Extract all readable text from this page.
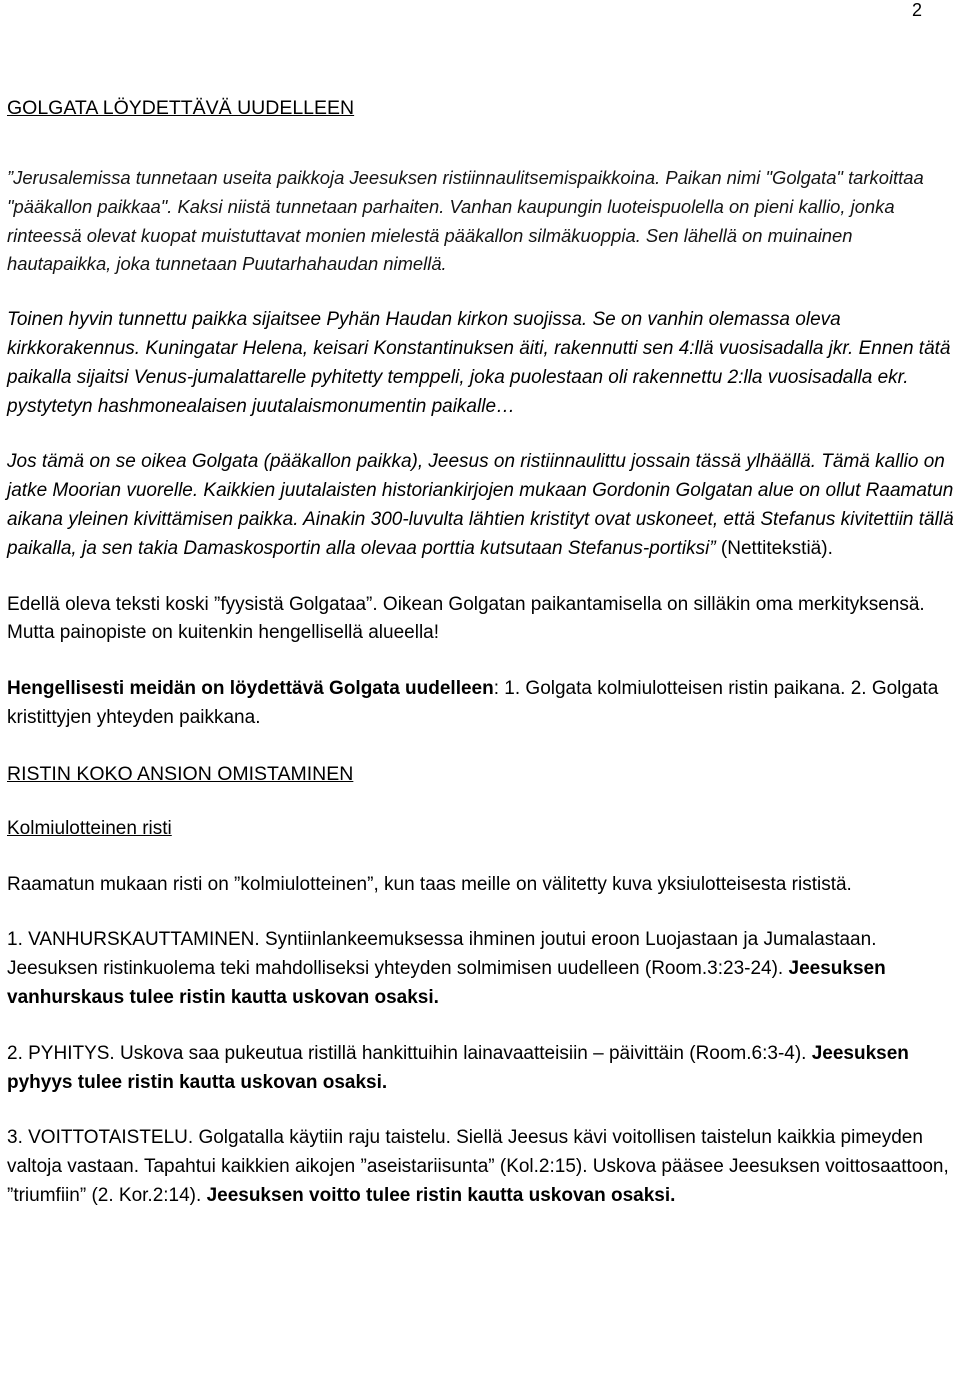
2

GOLGATA LÖYDETTÄVÄ UUDELLEEN

”Jerusalemissa tunnetaan useita paikkoja Jeesuksen ristiinnaulitsemispaikkoina. Paikan nimi "Golgata" tarkoittaa "pääkallon paikkaa". Kaksi niistä tunnetaan parhaiten. Vanhan kaupungin luoteispuolella on pieni kallio, jonka rinteessä olevat kuopat muistuttavat monien mielestä pääkallon silmäkuoppia. Sen lähellä on muinainen hautapaikka, joka tunnetaan Puutarhahaudan nimellä.

Toinen hyvin tunnettu paikka sijaitsee Pyhän Haudan kirkon suojissa. Se on vanhin olemassa oleva kirkkorakennus. Kuningatar Helena, keisari Konstantinuksen äiti, rakennutti sen 4:llä vuosisadalla jkr. Ennen tätä paikalla sijaitsi Venus-jumalattarelle pyhitetty temppeli, joka puolestaan oli rakennettu 2:lla vuosisadalla ekr. pystytetyn hashmonealaisen juutalaismonumentin paikalle…

Jos tämä on se oikea Golgata (pääkallon paikka), Jeesus on ristiinnaulittu jossain tässä ylhäällä. Tämä kallio on jatke Moorian vuorelle. Kaikkien juutalaisten historiankirjojen mukaan Gordonin Golgatan alue on ollut Raamatun aikana yleinen kivittämisen paikka. Ainakin 300-luvulta lähtien kristityt ovat uskoneet, että Stefanus kivitettiin tällä paikalla, ja sen takia Damaskosportin alla olevaa porttia kutsutaan Stefanus-portiksi” (Nettitekstiä).

Edellä oleva teksti koski ”fyysistä Golgataa”. Oikean Golgatan paikantamisella on silläkin oma merkityksensä. Mutta painopiste on kuitenkin hengellisellä alueella!

Hengellisesti meidän on löydettävä Golgata uudelleen: 1. Golgata kolmiulotteisen ristin paikana. 2. Golgata kristittyjen yhteyden paikkana.

RISTIN KOKO ANSION OMISTAMINEN

Kolmiulotteinen risti

Raamatun mukaan risti on ”kolmiulotteinen”, kun taas meille on välitetty kuva yksiulotteisesta rististä.

1. VANHURSKAUTTAMINEN. Syntiinlankeemuksessa ihminen joutui eroon Luojastaan ja Jumalastaan. Jeesuksen ristinkuolema teki mahdolliseksi yhteyden solmimisen uudelleen (Room.3:23-24). Jeesuksen vanhurskaus tulee ristin kautta uskovan osaksi.

2. PYHITYS. Uskova saa pukeutua ristillä hankittuihin lainavaatteisiin – päivittäin (Room.6:3-4). Jeesuksen pyhyys tulee ristin kautta uskovan osaksi.

3. VOITTOTAISTELU. Golgatalla käytiin raju taistelu. Siellä Jeesus kävi voitollisen taistelun kaikkia pimeyden valtoja vastaan. Tapahtui kaikkien aikojen ”aseistariisunta” (Kol.2:15). Uskova pääsee Jeesuksen voittosaattoon, ”triumfiin” (2. Kor.2:14). Jeesuksen voitto tulee ristin kautta uskovan osaksi.
